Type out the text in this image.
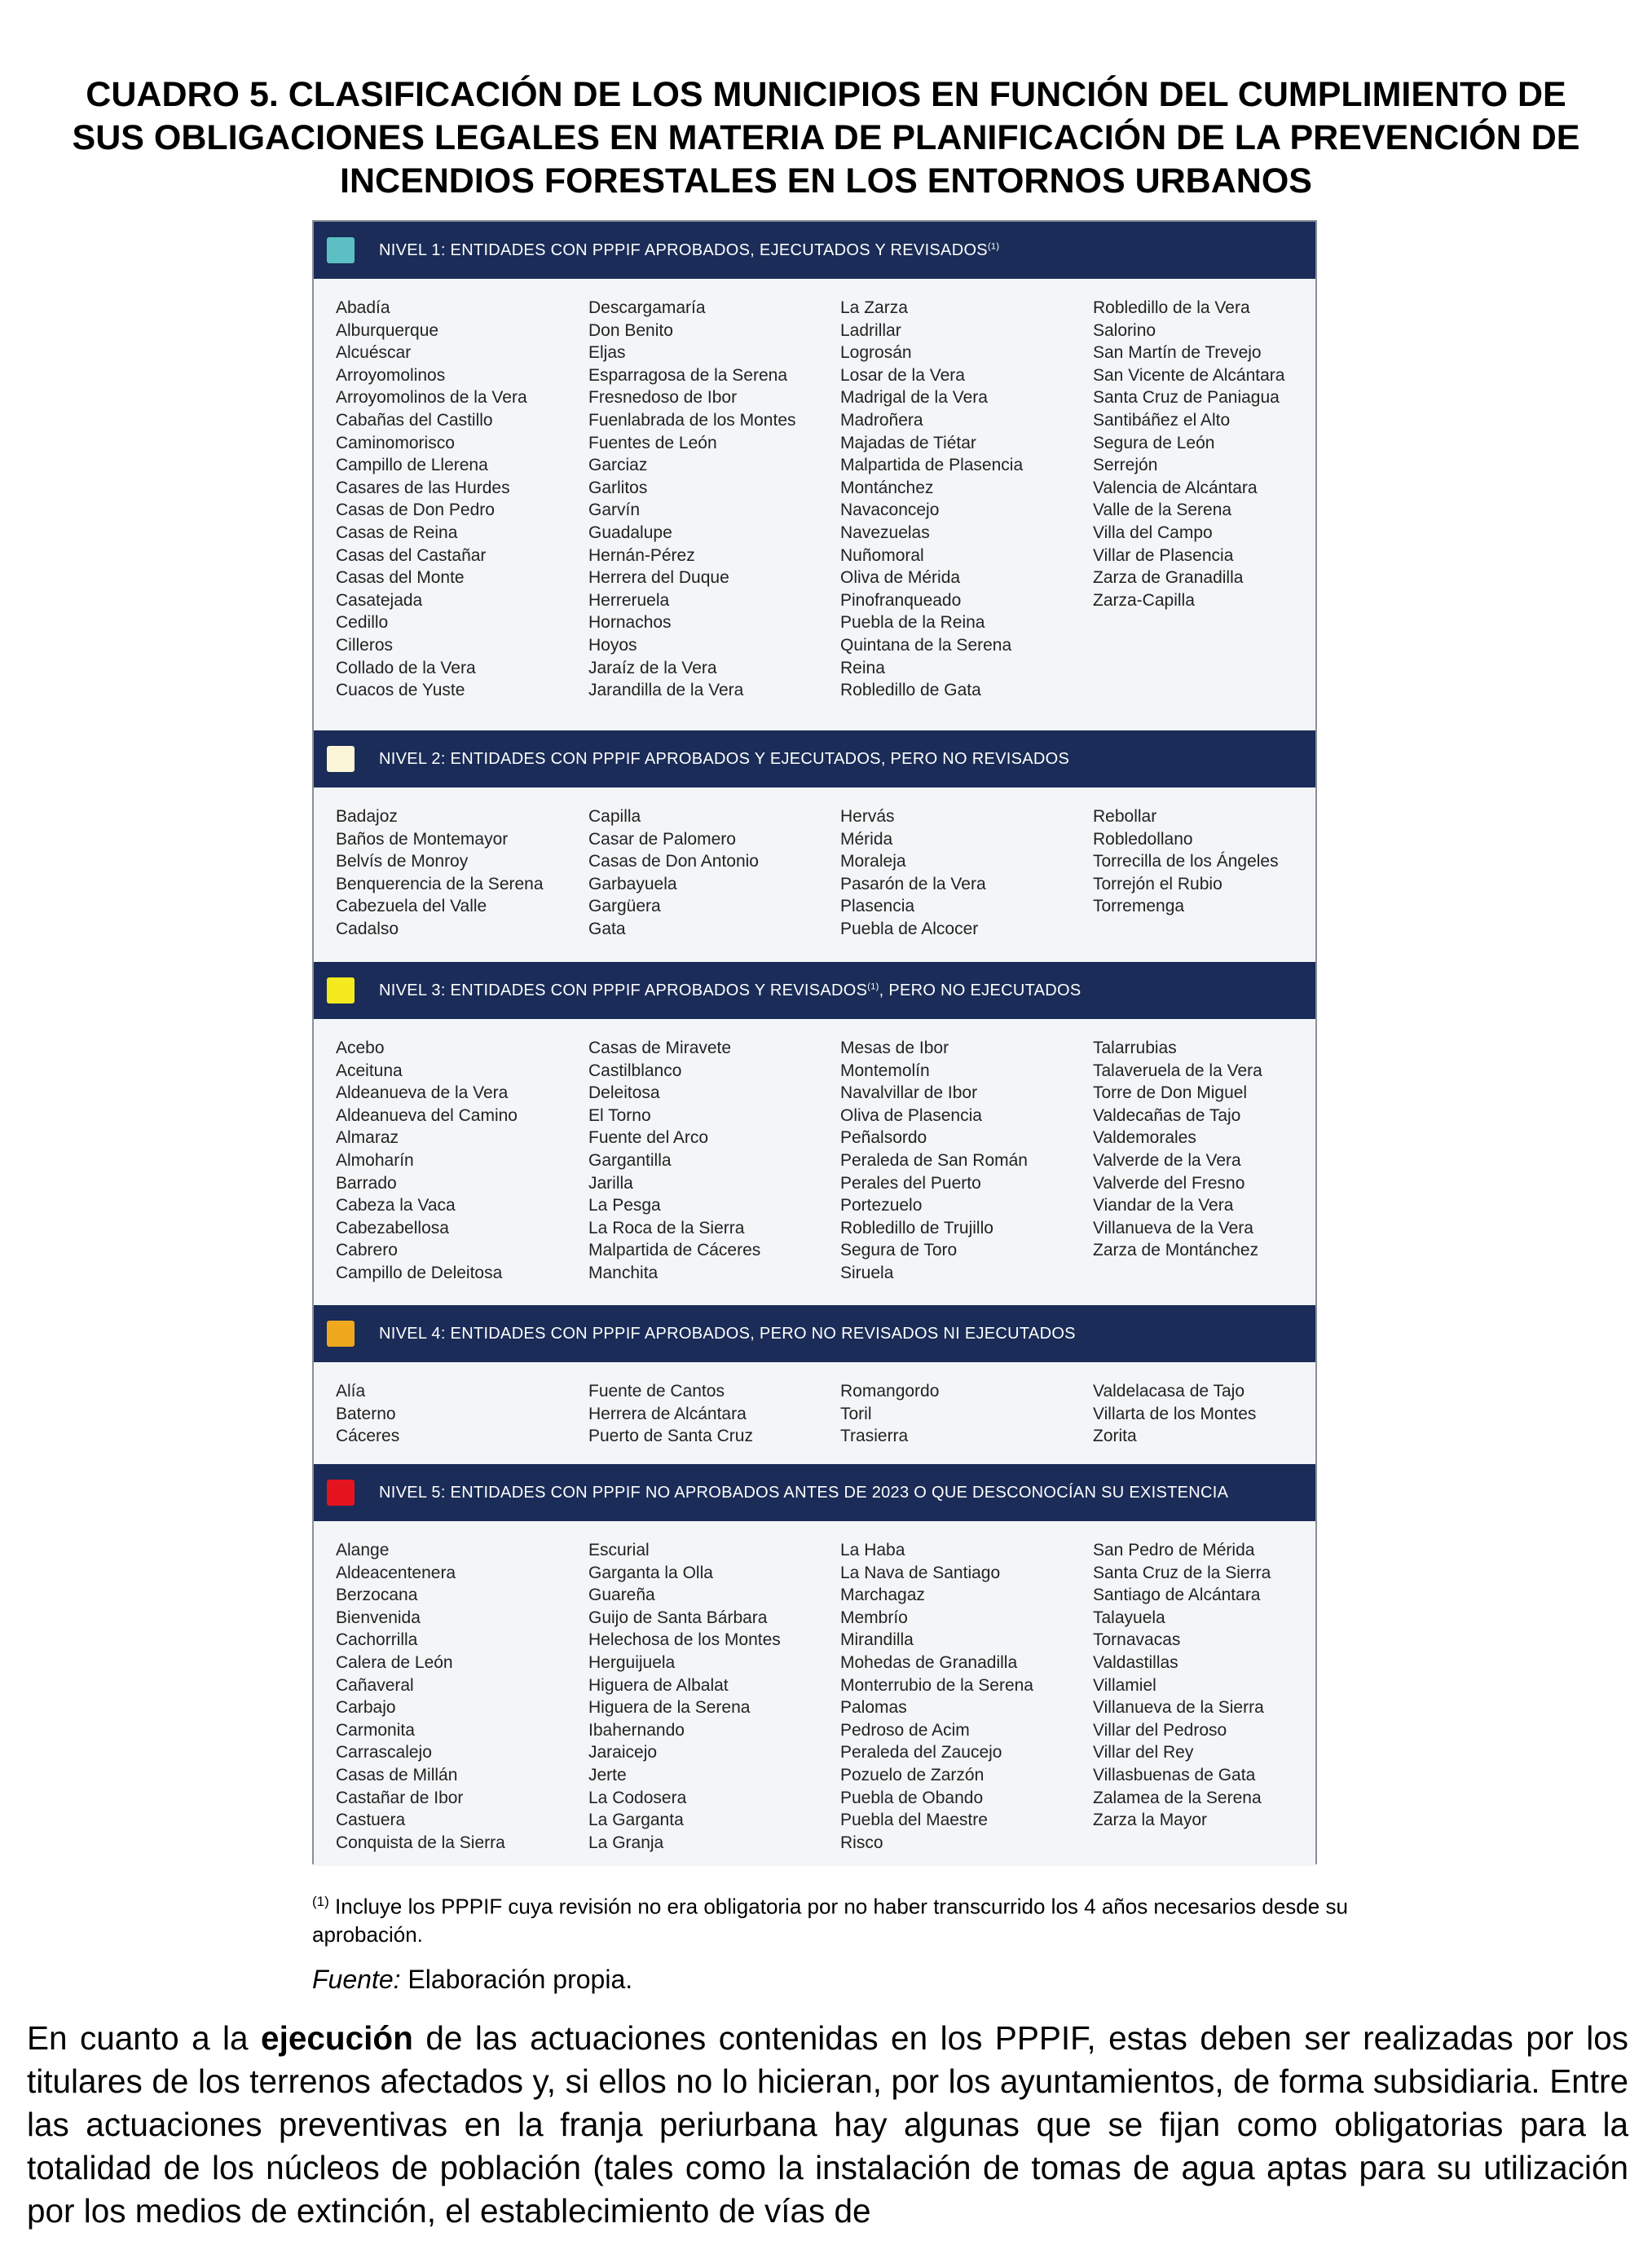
CUADRO 5. CLASIFICACIÓN DE LOS MUNICIPIOS EN FUNCIÓN DEL CUMPLIMIENTO DE
SUS OBLIGACIONES LEGALES EN MATERIA DE PLANIFICACIÓN DE LA PREVENCIÓN DE
INCENDIOS FORESTALES EN LOS ENTORNOS URBANOS
NIVEL 1: ENTIDADES CON PPPIF APROBADOS, EJECUTADOS Y REVISADOS$^{(1)}$
Abadía
Alburquerque
Alcuéscar
Arroyomolinos
Arroyomolinos de la Vera
Cabañas del Castillo
Caminomorisco
Campillo de Llerena
Casares de las Hurdes
Casas de Don Pedro
Casas de Reina
Casas del Castañar
Casas del Monte
Casatejada
Cedillo
Cilleros
Collado de la Vera
Cuacos de Yuste
Descargamaría
Don Benito
Eljas
Esparragosa de la Serena
Fresnedoso de Ibor
Fuenlabrada de los Montes
Fuentes de León
Garciaz
Garlitos
Garvín
Guadalupe
Hernán-Pérez
Herrera del Duque
Herreruela
Hornachos
Hoyos
Jaraíz de la Vera
Jarandilla de la Vera
La Zarza
Ladrillar
Logrosán
Losar de la Vera
Madrigal de la Vera
Madroñera
Majadas de Tiétar
Malpartida de Plasencia
Montánchez
Navaconcejo
Navezuelas
Nuñomoral
Oliva de Mérida
Pinofranqueado
Puebla de la Reina
Quintana de la Serena
Reina
Robledillo de Gata
Robledillo de la Vera
Salorino
San Martín de Trevejo
San Vicente de Alcántara
Santa Cruz de Paniagua
Santibáñez el Alto
Segura de León
Serrejón
Valencia de Alcántara
Valle de la Serena
Villa del Campo
Villar de Plasencia
Zarza de Granadilla
Zarza-Capilla
NIVEL 2: ENTIDADES CON PPPIF APROBADOS Y EJECUTADOS, PERO NO REVISADOS
Badajoz
Baños de Montemayor
Belvís de Monroy
Benquerencia de la Serena
Cabezuela del Valle
Cadalso
Capilla
Casar de Palomero
Casas de Don Antonio
Garbayuela
Gargüera
Gata
Hervás
Mérida
Moraleja
Pasarón de la Vera
Plasencia
Puebla de Alcocer
Rebollar
Robledollano
Torrecilla de los Ángeles
Torrejón el Rubio
Torremenga
NIVEL 3: ENTIDADES CON PPPIF APROBADOS Y REVISADOS$^{(1)}$, PERO NO EJECUTADOS
Acebo
Aceituna
Aldeanueva de la Vera
Aldeanueva del Camino
Almaraz
Almoharín
Barrado
Cabeza la Vaca
Cabezabellosa
Cabrero
Campillo de Deleitosa
Casas de Miravete
Castilblanco
Deleitosa
El Torno
Fuente del Arco
Gargantilla
Jarilla
La Pesga
La Roca de la Sierra
Malpartida de Cáceres
Manchita
Mesas de Ibor
Montemolín
Navalvillar de Ibor
Oliva de Plasencia
Peñalsordo
Peraleda de San Román
Perales del Puerto
Portezuelo
Robledillo de Trujillo
Segura de Toro
Siruela
Talarrubias
Talaveruela de la Vera
Torre de Don Miguel
Valdecañas de Tajo
Valdemorales
Valverde de la Vera
Valverde del Fresno
Viandar de la Vera
Villanueva de la Vera
Zarza de Montánchez
NIVEL 4: ENTIDADES CON PPPIF APROBADOS, PERO NO REVISADOS NI EJECUTADOS
Alía
Baterno
Cáceres
Fuente de Cantos
Herrera de Alcántara
Puerto de Santa Cruz
Romangordo
Toril
Trasierra
Valdelacasa de Tajo
Villarta de los Montes
Zorita
NIVEL 5: ENTIDADES CON PPPIF NO APROBADOS ANTES DE 2023 O QUE DESCONOCÍAN SU EXISTENCIA
Alange
Aldeacentenera
Berzocana
Bienvenida
Cachorrilla
Calera de León
Cañaveral
Carbajo
Carmonita
Carrascalejo
Casas de Millán
Castañar de Ibor
Castuera
Conquista de la Sierra
Escurial
Garganta la Olla
Guareña
Guijo de Santa Bárbara
Helechosa de los Montes
Herguijuela
Higuera de Albalat
Higuera de la Serena
Ibahernando
Jaraicejo
Jerte
La Codosera
La Garganta
La Granja
La Haba
La Nava de Santiago
Marchagaz
Membrío
Mirandilla
Mohedas de Granadilla
Monterrubio de la Serena
Palomas
Pedroso de Acim
Peraleda del Zaucejo
Pozuelo de Zarzón
Puebla de Obando
Puebla del Maestre
Risco
San Pedro de Mérida
Santa Cruz de la Sierra
Santiago de Alcántara
Talayuela
Tornavacas
Valdastillas
Villamiel
Villanueva de la Sierra
Villar del Pedroso
Villar del Rey
Villasbuenas de Gata
Zalamea de la Serena
Zarza la Mayor
$^{(1)}$ Incluye los PPPIF cuya revisión no era obligatoria por no haber transcurrido los 4 años necesarios desde su aprobación.
Fuente: Elaboración propia.
En cuanto a la ejecución de las actuaciones contenidas en los PPPIF, estas deben ser realizadas por los titulares de los terrenos afectados y, si ellos no lo hicieran, por los ayuntamientos, de forma subsidiaria. Entre las actuaciones preventivas en la franja periurbana hay algunas que se fijan como obligatorias para la totalidad de los núcleos de población (tales como la instalación de tomas de agua aptas para su utilización por los medios de extinción, el establecimiento de vías de
